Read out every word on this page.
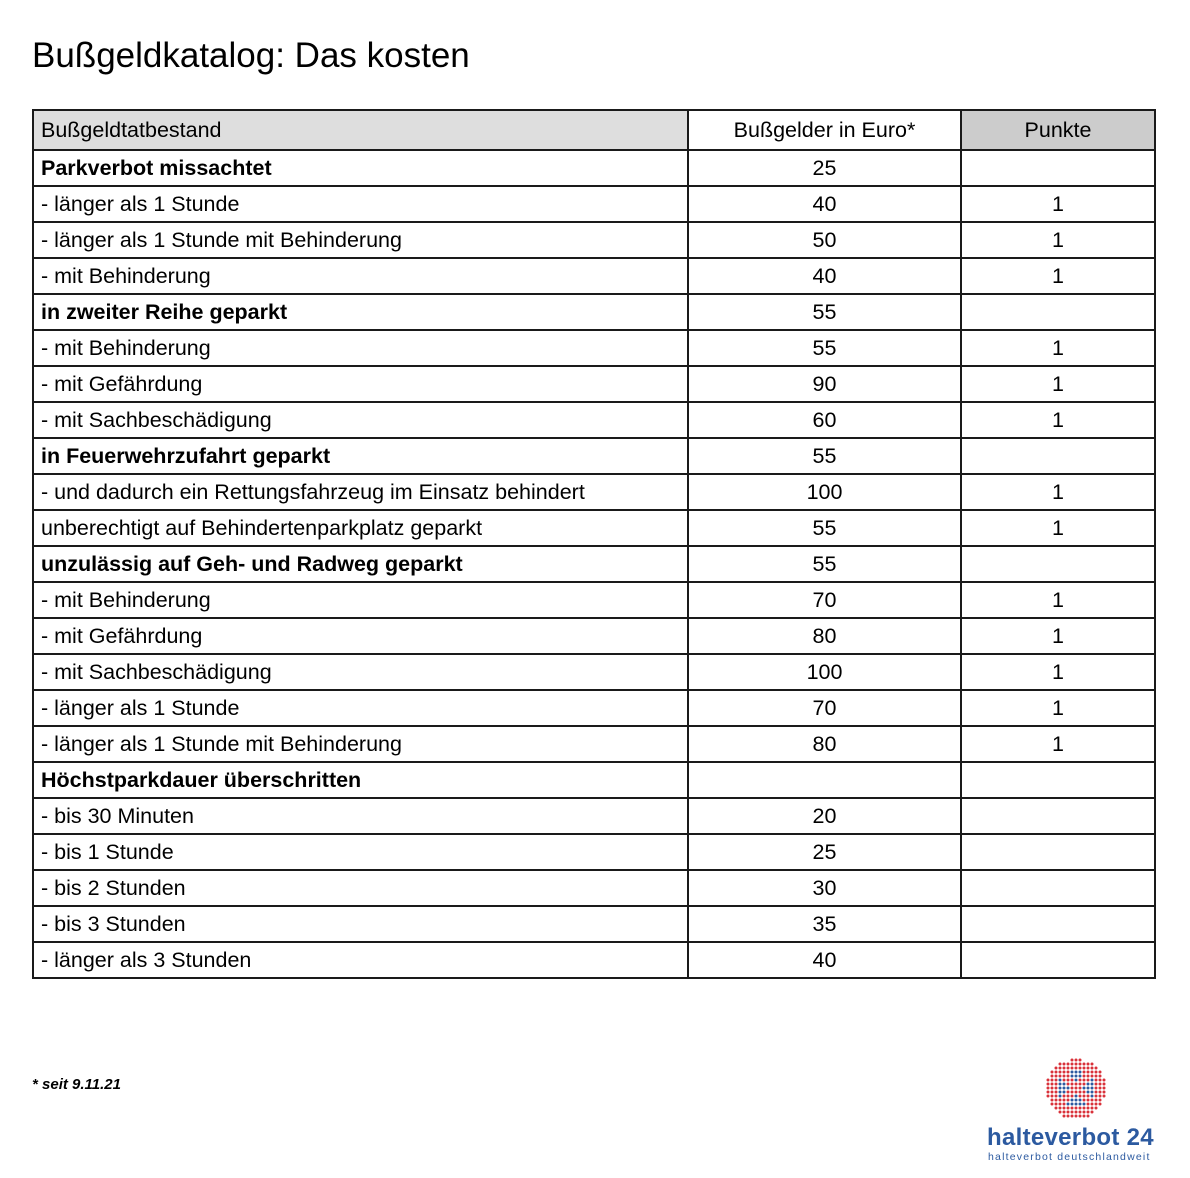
Bußgeldkatalog: Das kosten
Bußgeldtatbestand	Bußgelder in Euro*	Punkte
Parkverbot missachtet	25	
- länger als 1 Stunde	40	1
- länger als 1 Stunde mit Behinderung	50	1
- mit Behinderung	40	1
in zweiter Reihe geparkt	55	
- mit Behinderung	55	1
- mit Gefährdung	90	1
- mit Sachbeschädigung	60	1
in Feuerwehrzufahrt geparkt	55	
- und dadurch ein Rettungsfahrzeug im Einsatz behindert	100	1
unberechtigt auf Behindertenparkplatz geparkt	55	1
unzulässig auf Geh- und Radweg geparkt	55	
- mit Behinderung	70	1
- mit Gefährdung	80	1
- mit Sachbeschädigung	100	1
- länger als 1 Stunde	70	1
- länger als 1 Stunde mit Behinderung	80	1
Höchstparkdauer überschritten		
- bis 30 Minuten	20	
- bis 1 Stunde	25	
- bis 2 Stunden	30	
- bis 3 Stunden	35	
- länger als 3 Stunden	40	
* seit 9.11.21
halteverbot 24
halteverbot deutschlandweit
